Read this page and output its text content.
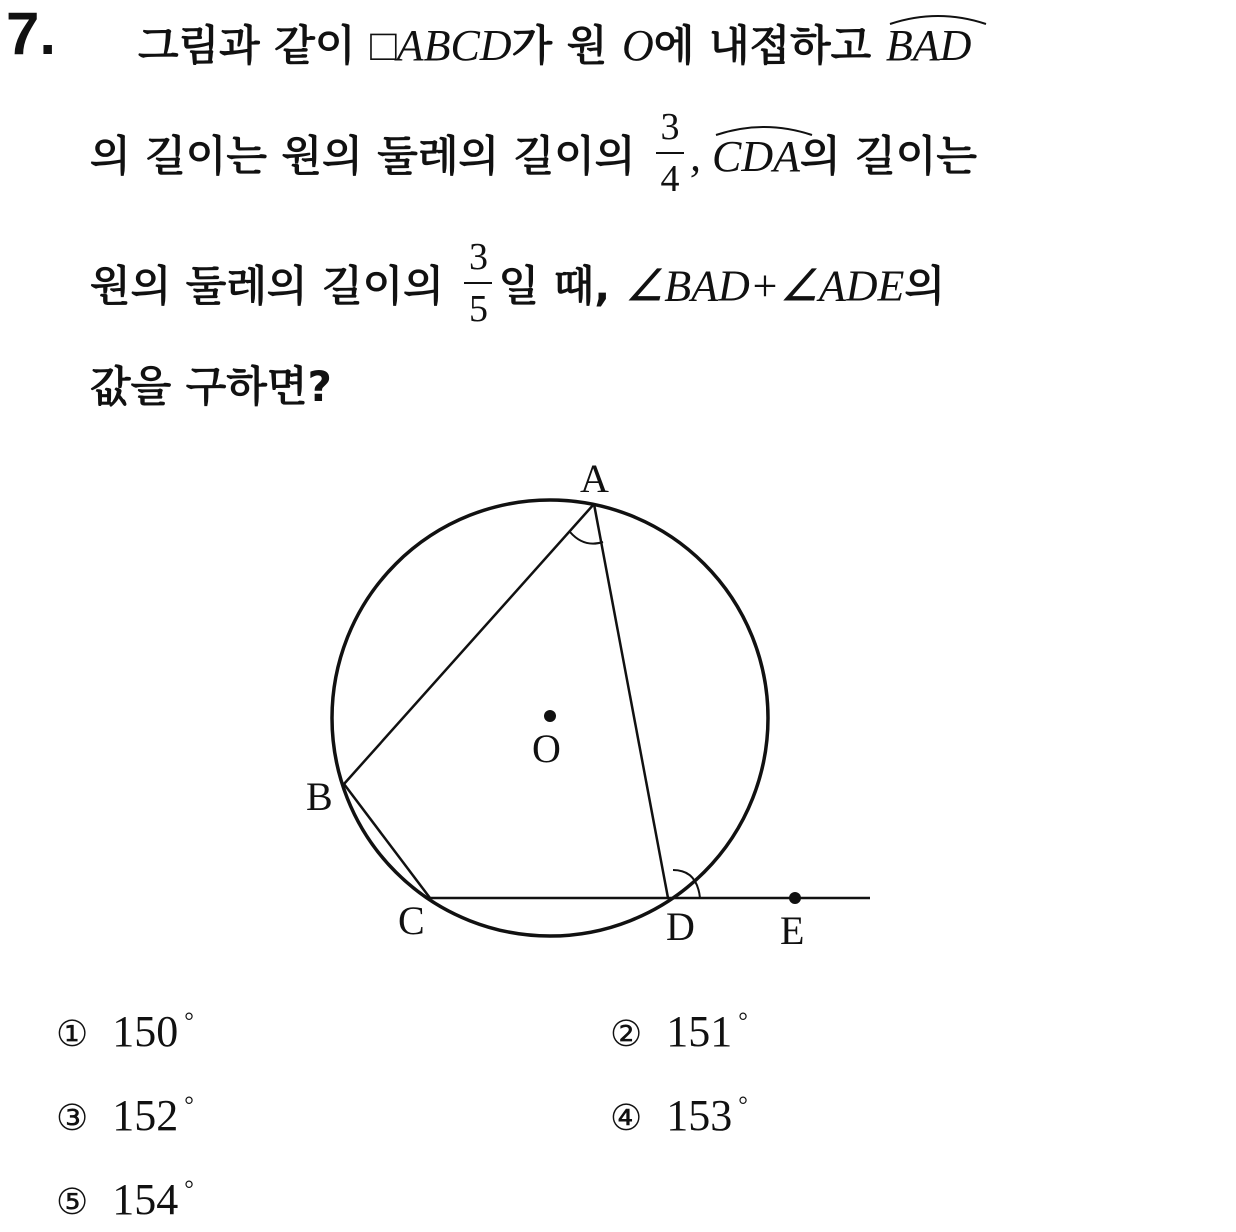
7. 그림과 같이 □ABCD가 원 O에 내접하고
BAD
의 길이는 원의 둘레의 길이의 $\frac{3}{4}$ ,
CDA의 길이는
원의 둘레의 길이의 $\frac{3}{5}$ 일 때, ∠BAD+∠ADE의
값을 구하면?
A
B
C	D E
O
① 150 °	② 151 °
③ 152 °	④ 153 °
⑤ 154 °
